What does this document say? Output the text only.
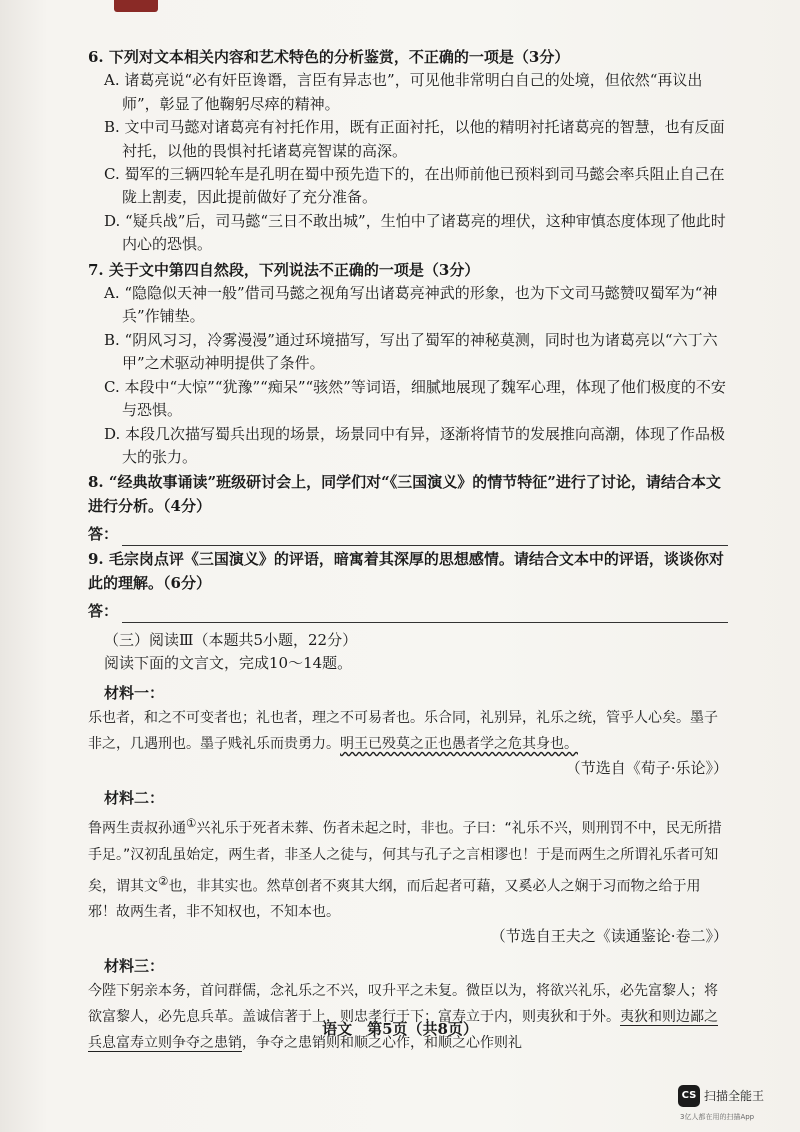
6. 下列对文本相关内容和艺术特色的分析鉴赏，不正确的一项是（3分）
A. 诸葛亮说“必有奸臣谗谮，言臣有异志也”，可见他非常明白自己的处境，但依然“再议出师”，彰显了他鞠躬尽瘁的精神。
B. 文中司马懿对诸葛亮有衬托作用，既有正面衬托，以他的精明衬托诸葛亮的智慧，也有反面衬托，以他的畏惧衬托诸葛亮智谋的高深。
C. 蜀军的三辆四轮车是孔明在蜀中预先造下的，在出师前他已预料到司马懿会率兵阻止自己在陇上割麦，因此提前做好了充分准备。
D. “疑兵战”后，司马懿“三日不敢出城”，生怕中了诸葛亮的埋伏，这种审慎态度体现了他此时内心的恐惧。
7. 关于文中第四自然段，下列说法不正确的一项是（3分）
A. “隐隐似天神一般”借司马懿之视角写出诸葛亮神武的形象，也为下文司马懿赞叹蜀军为“神兵”作铺垫。
B. “阴风习习，冷雾漫漫”通过环境描写，写出了蜀军的神秘莫测，同时也为诸葛亮以“六丁六甲”之术驱动神明提供了条件。
C. 本段中“大惊”“犹豫”“痴呆”“骇然”等词语，细腻地展现了魏军心理，体现了他们极度的不安与恐惧。
D. 本段几次描写蜀兵出现的场景，场景同中有异，逐渐将情节的发展推向高潮，体现了作品极大的张力。
8. “经典故事诵读”班级研讨会上，同学们对“《三国演义》的情节特征”进行了讨论，请结合本文进行分析。（4分）
答：
9. 毛宗岗点评《三国演义》的评语，暗寓着其深厚的思想感情。请结合文本中的评语，谈谈你对此的理解。（6分）
答：
（三）阅读Ⅲ（本题共5小题，22分）
阅读下面的文言文，完成10～14题。
材料一：
乐也者，和之不可变者也；礼也者，理之不可易者也。乐合同，礼别异，礼乐之统，管乎人心矣。墨子非之，几遇刑也。墨子贱礼乐而贵勇力。明王已殁莫之正也愚者学之危其身也。
（节选自《荀子·乐论》）
材料二：
鲁两生责叔孙通①兴礼乐于死者未葬、伤者未起之时，非也。子曰：“礼乐不兴，则刑罚不中，民无所措手足。”汉初乱虽始定，两生者，非圣人之徒与，何其与孔子之言相谬也！于是而两生之所谓礼乐者可知矣，谓其文②也，非其实也。然草创者不爽其大纲，而后起者可藉，又奚必人之娴于习而物之给于用邪！故两生者，非不知权也，不知本也。
（节选自王夫之《读通鉴论·卷二》）
材料三：
今陛下躬亲本务，首问群儒，念礼乐之不兴，叹升平之未复。微臣以为，将欲兴礼乐，必先富黎人；将欲富黎人，必先息兵革。盖诚信著于上，则忠孝行于下；富寿立于内，则夷狄和于外。夷狄和则边鄙之兵息富寿立则争夺之患销，争夺之患销则和顺之心作，和顺之心作则礼
语文　第5页（共8页）
CS 扫描全能王
3亿人都在用的扫描App
